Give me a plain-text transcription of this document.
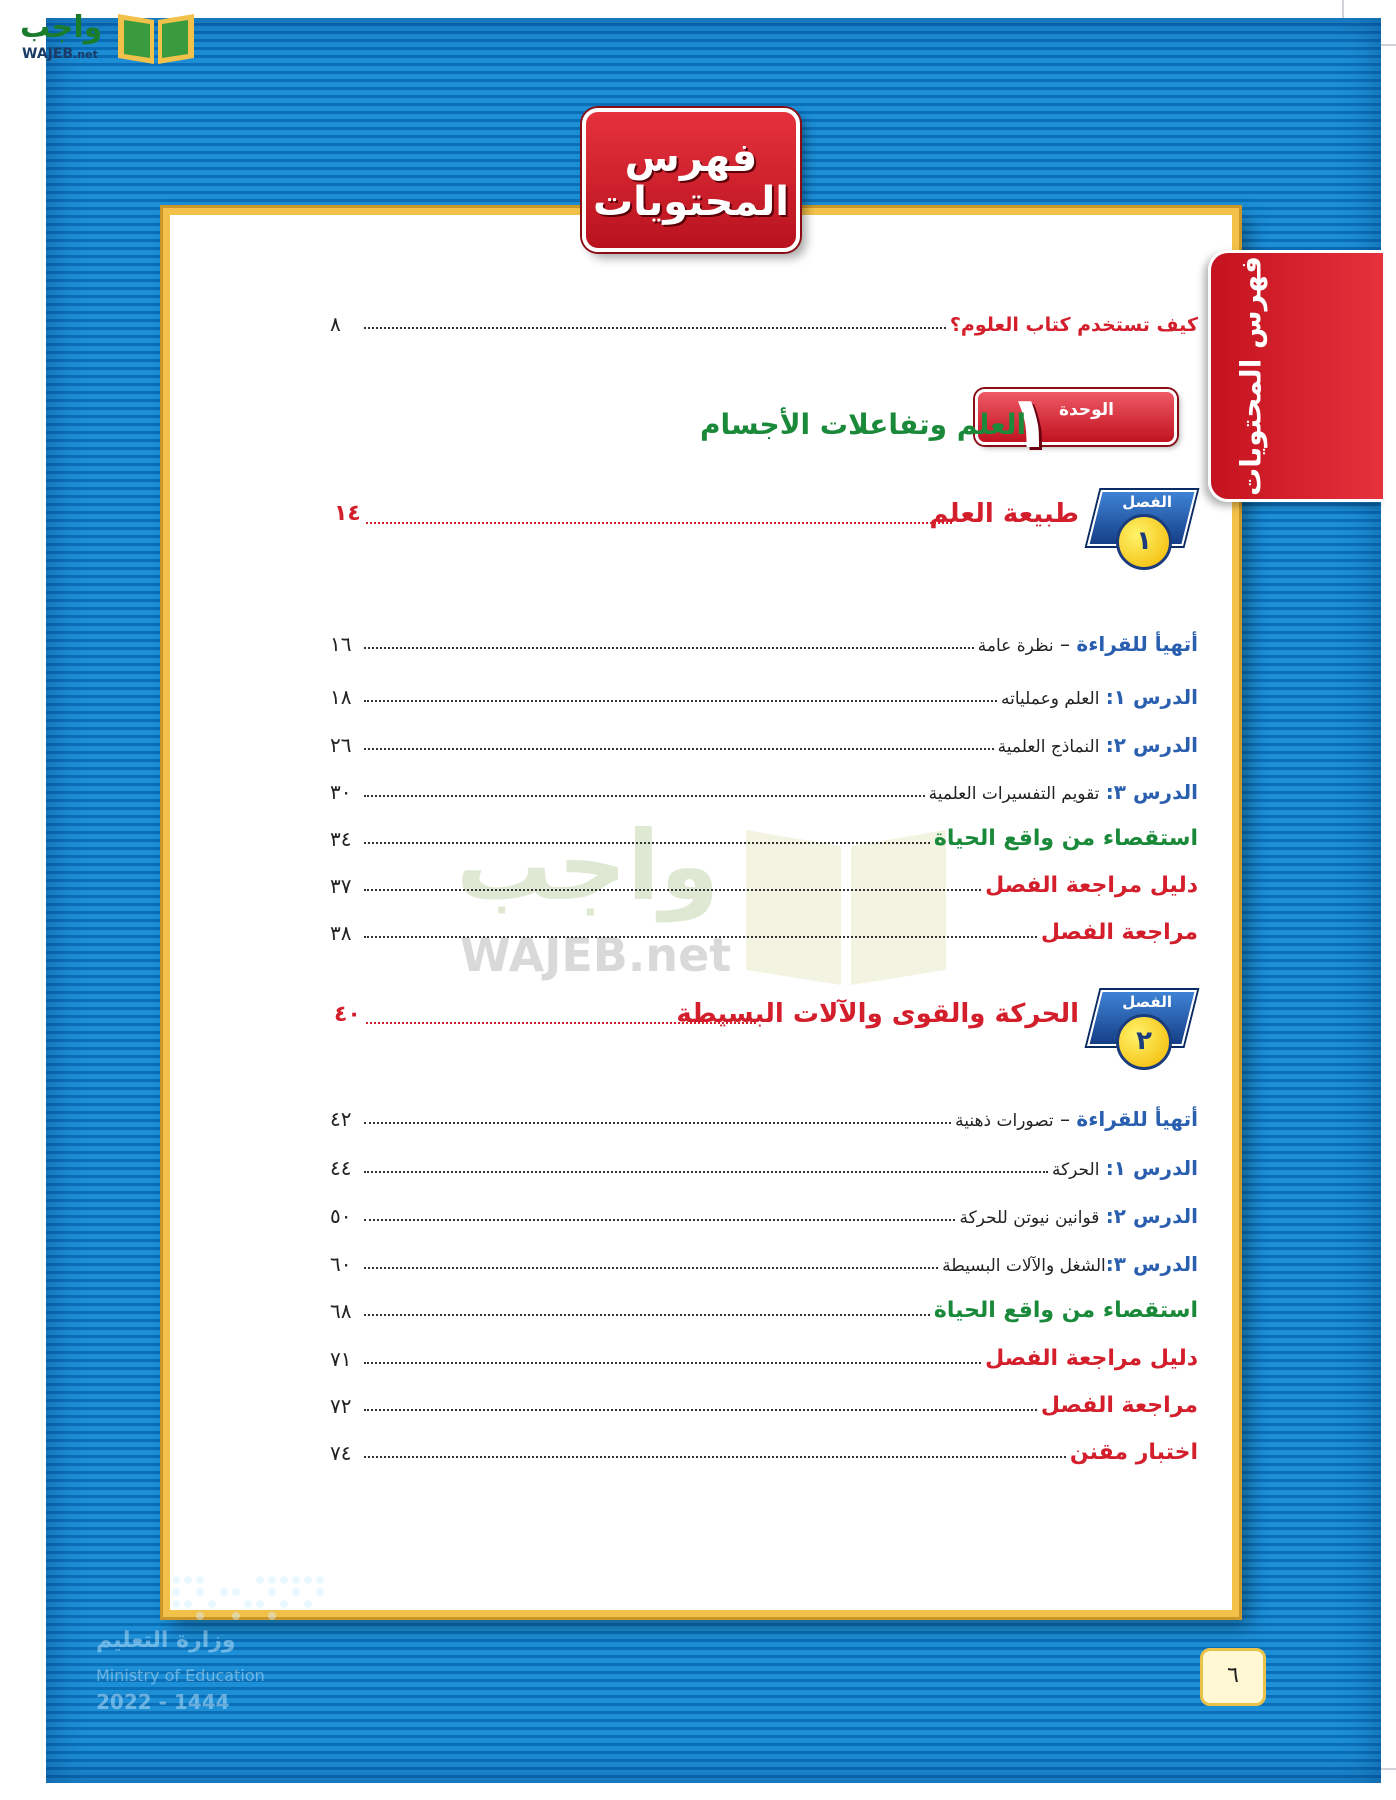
واجب
WAJEB.net
فهرس
المحتويات
فهرس المحتويات
واجب
WAJEB.net
كيف تستخدم كتاب العلوم؟
٨
الوحدة
١
العلم وتفاعلات الأجسام
الفصل
١
طبيعة العلم
١٤
أتهيأ للقراءة – نظرة عامة
١٦
الدرس ١: العلم وعملياته
١٨
الدرس ٢: النماذج العلمية
٢٦
الدرس ٣: تقويم التفسيرات العلمية
٣٠
استقصاء من واقع الحياة
٣٤
دليل مراجعة الفصل
٣٧
مراجعة الفصل
٣٨
الفصل
٢
الحركة والقوى والآلات البسيطة
٤٠
أتهيأ للقراءة – تصورات ذهنية
٤٢
الدرس ١: الحركة
٤٤
الدرس ٢: قوانين نيوتن للحركة
٥٠
الدرس ٣:الشغل والآلات البسيطة
٦٠
استقصاء من واقع الحياة
٦٨
دليل مراجعة الفصل
٧١
مراجعة الفصل
٧٢
اختبار مقنن
٧٤
وزارة التعليم
Ministry of Education
2022 - 1444
٦
